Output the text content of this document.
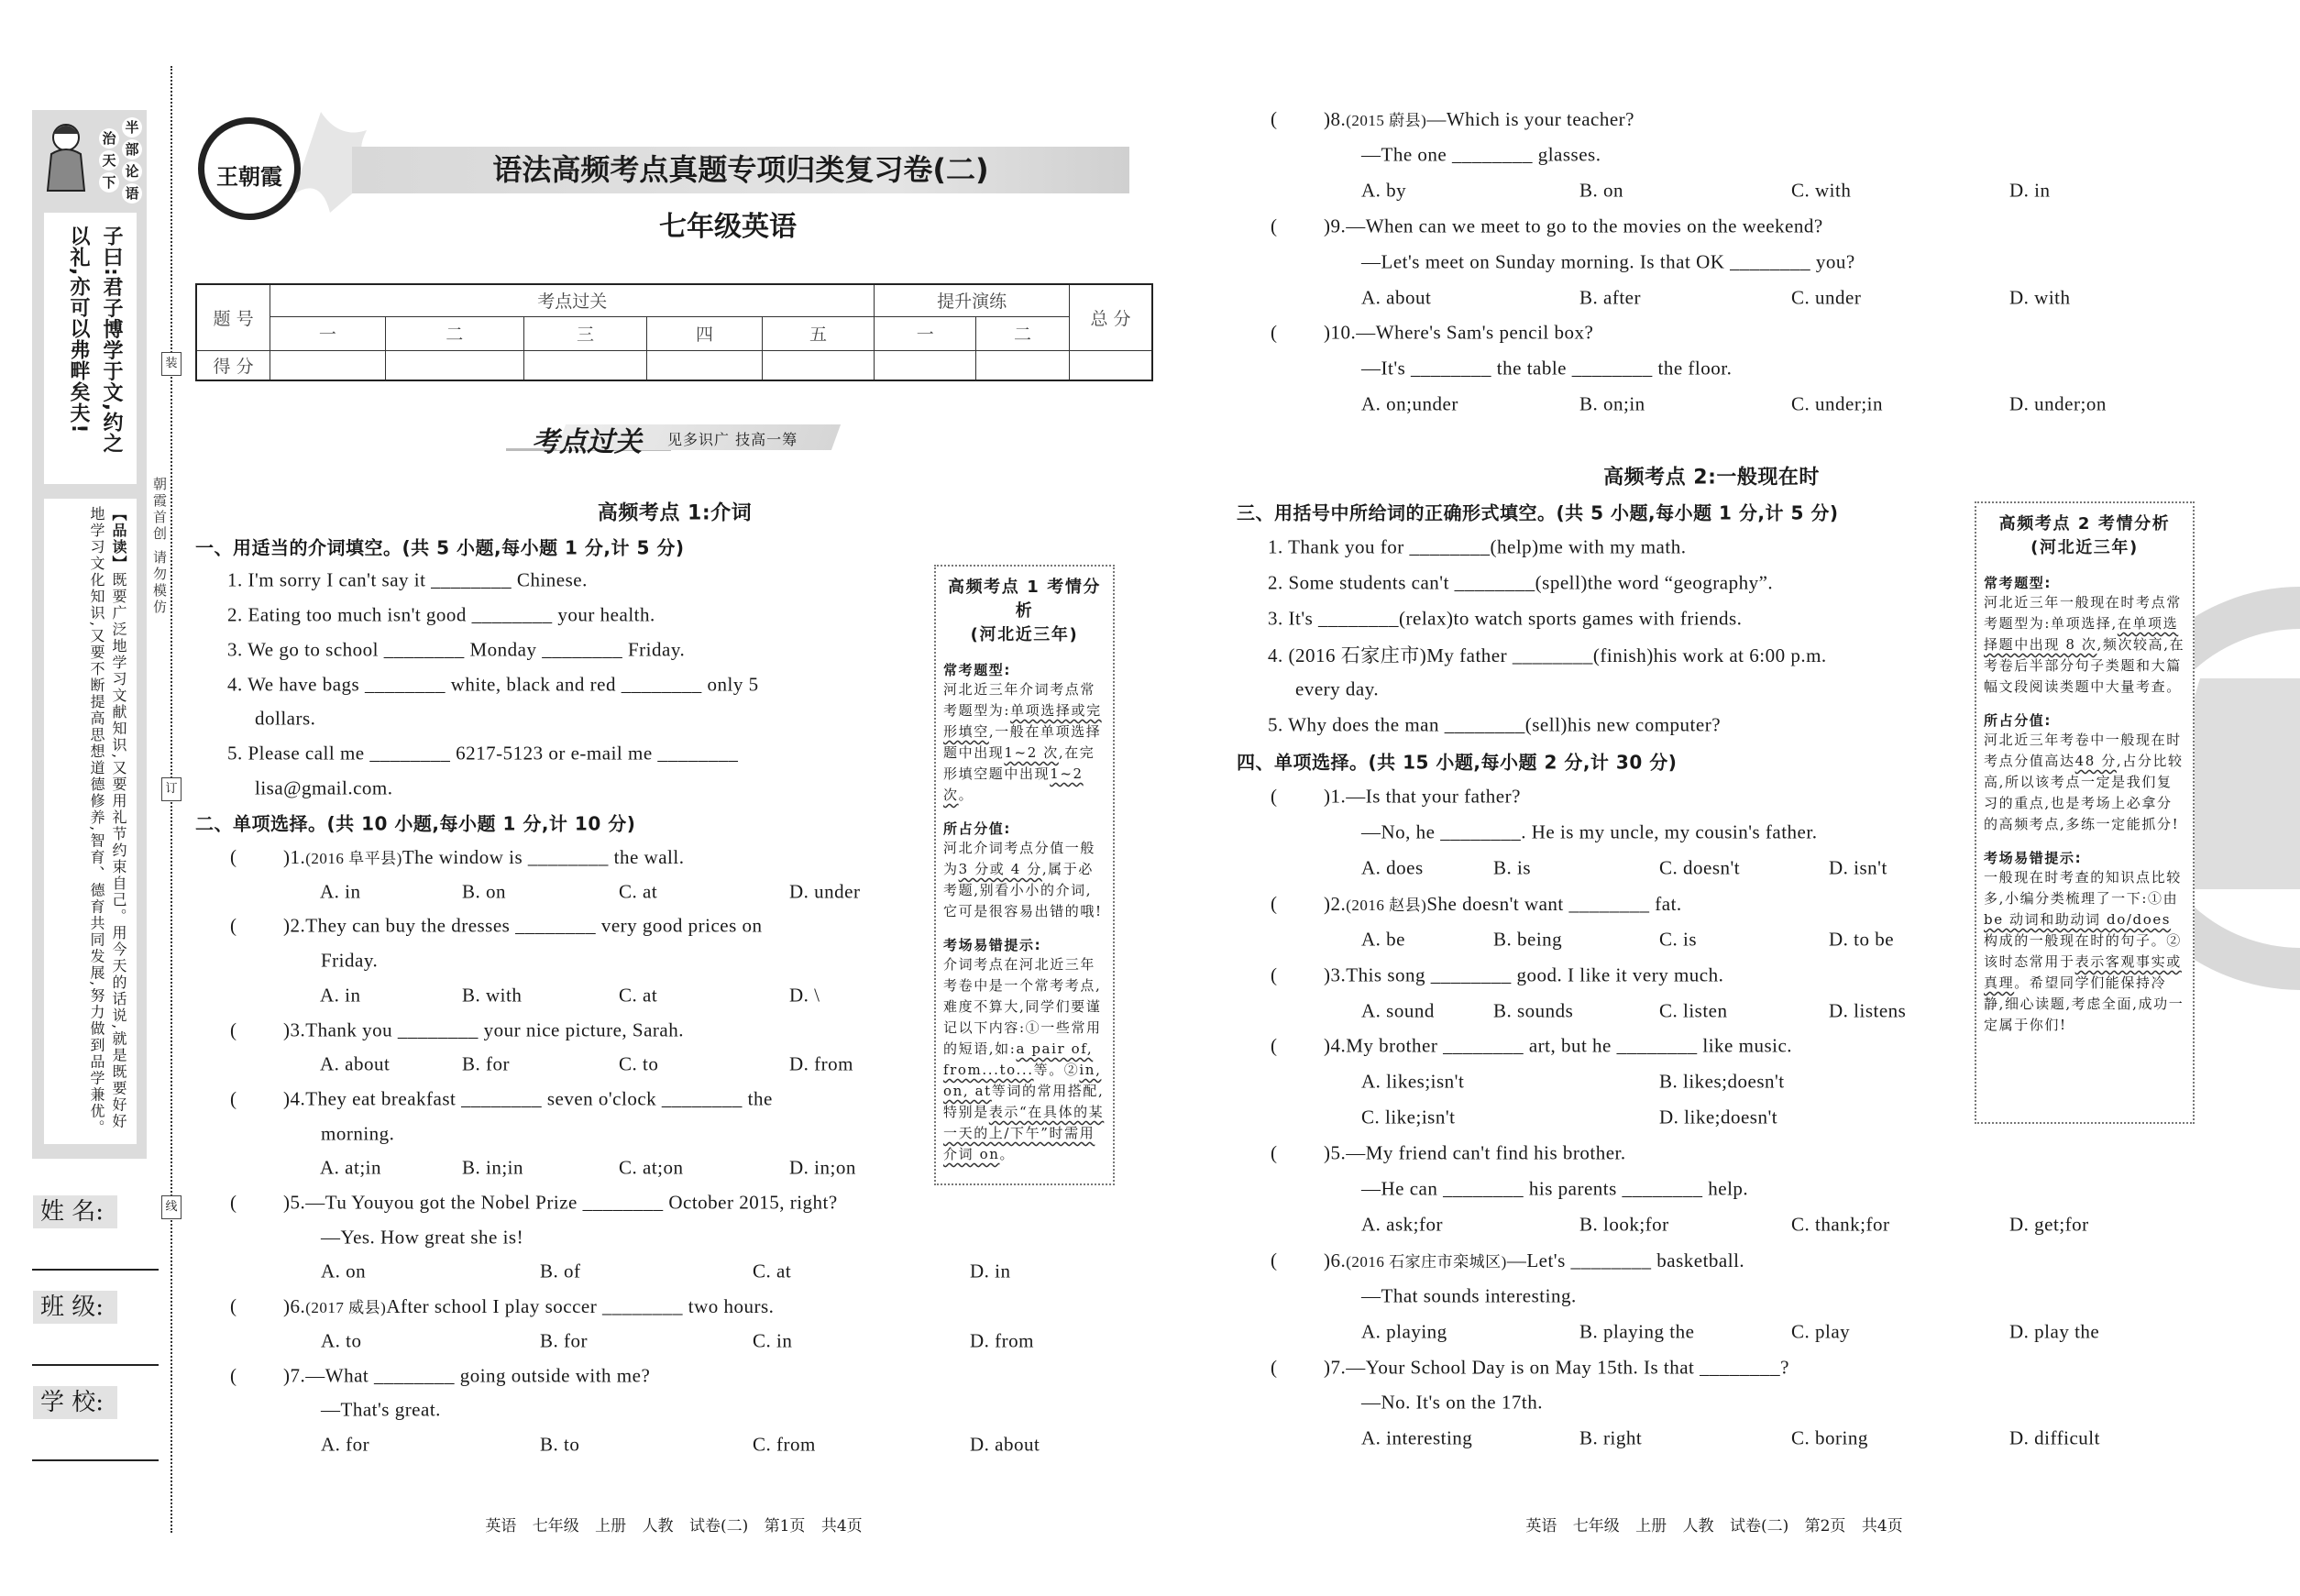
半
部
论
语
治
天
下
子曰:君子博学于文,约之以礼,亦可以弗畔矣夫!
【品读】既要广泛地学习文献知识,又要用礼节约束自己。用今天的话说,就是既要好好地学习文化知识,又要不断提高思想道德修养,智育、德育共同发展,努力做到品学兼优。
姓 名:
班 级:
学 校:
装
订
线
朝霞首创 请勿模仿
语法高频考点真题专项归类复习卷(二)
七年级英语
王朝霞
题 号	考点过关					提升演练		总 分
	一	二	三	四	五	一	二	
得 分								
考点过关 见多识广 技高一筹
高频考点 1:介词
一、用适当的介词填空。(共 5 小题,每小题 1 分,计 5 分)
1. I'm sorry I can't say it ________ Chinese.
2. Eating too much isn't good ________ your health.
3. We go to school ________ Monday ________ Friday.
4. We have bags ________ white, black and red ________ only 5
dollars.
5. Please call me ________ 6217-5123 or e-mail me ________
lisa@gmail.com.
二、单项选择。(共 10 小题,每小题 1 分,计 10 分)
(	)1.(2016 阜平县)The window is ________ the wall.
A. in	B. on	C. at	D. under
(	)2.They can buy the dresses ________ very good prices on
Friday.
A. in	B. with	C. at	D. \
(	)3.Thank you ________ your nice picture, Sarah.
A. about	B. for	C. to	D. from
(	)4.They eat breakfast ________ seven o'clock ________ the
morning.
A. at;in	B. in;in	C. at;on	D. in;on
(	)5.—Tu Youyou got the Nobel Prize ________ October 2015, right?
—Yes. How great she is!
A. on	B. of	C. at	D. in
(	)6.(2017 威县)After school I play soccer ________ two hours.
A. to	B. for	C. in	D. from
(	)7.—What ________ going outside with me?
—That's great.
A. for	B. to	C. from	D. about
(	)8.(2015 蔚县)—Which is your teacher?
—The one ________ glasses.
A. by	B. on	C. with	D. in
(	)9.—When can we meet to go to the movies on the weekend?
—Let's meet on Sunday morning. Is that OK ________ you?
A. about	B. after	C. under	D. with
(	)10.—Where's Sam's pencil box?
—It's ________ the table ________ the floor.
A. on;under	B. on;in	C. under;in	D. under;on
高频考点 2:一般现在时
三、用括号中所给词的正确形式填空。(共 5 小题,每小题 1 分,计 5 分)
1. Thank you for ________(help)me with my math.
2. Some students can't ________(spell)the word “geography”.
3. It's ________(relax)to watch sports games with friends.
4. (2016 石家庄市)My father ________(finish)his work at 6:00 p.m.
every day.
5. Why does the man ________(sell)his new computer?
四、单项选择。(共 15 小题,每小题 2 分,计 30 分)
(	)1.—Is that your father?
—No, he ________. He is my uncle, my cousin's father.
A. does	B. is	C. doesn't	D. isn't
(	)2.(2016 赵县)She doesn't want ________ fat.
A. be	B. being	C. is	D. to be
(	)3.This song ________ good. I like it very much.
A. sound	B. sounds	C. listen	D. listens
(	)4.My brother ________ art, but he ________ like music.
A. likes;isn't	B. likes;doesn't
C. like;isn't	D. like;doesn't
(	)5.—My friend can't find his brother.
—He can ________ his parents ________ help.
A. ask;for	B. look;for	C. thank;for	D. get;for
(	)6.(2016 石家庄市栾城区)—Let's ________ basketball.
—That sounds interesting.
A. playing	B. playing the	C. play	D. play the
(	)7.—Your School Day is on May 15th. Is that ________?
—No. It's on the 17th.
A. interesting	B. right	C. boring	D. difficult
高频考点 1 考情分析
(河北近三年)
常考题型:

河北近三年介词考点常考题型为:单项选择或完形填空,一般在单项选择题中出现1~2 次,在完形填空题中出现1~2 次。

所占分值:

河北介词考点分值一般为3 分或 4 分,属于必考题,别看小小的介词,它可是很容易出错的哦!

考场易错提示:

介词考点在河北近三年考卷中是一个常考考点,难度不算大,同学们要谨记以下内容:①一些常用的短语,如:a pair of, from...to...等。②in, on, at等词的常用搭配,特别是表示“在具体的某一天的上/下午”时需用介词 on。

高频考点 2 考情分析
(河北近三年)
常考题型:

河北近三年一般现在时考点常考题型为:单项选择,在单项选择题中出现 8 次,频次较高,在考卷后半部分句子类题和大篇幅文段阅读类题中大量考查。

所占分值:

河北近三年考卷中一般现在时考点分值高达48 分,占分比较高,所以该考点一定是我们复习的重点,也是考场上必拿分的高频考点,多练一定能抓分!

考场易错提示:

一般现在时考查的知识点比较多,小编分类梳理了一下:①由be 动词和助动词 do/does构成的一般现在时的句子。②该时态常用于表示客观事实或真理。希望同学们能保持冷静,细心读题,考虑全面,成功一定属于你们!

英语 七年级 上册 人教 试卷(二) 第1页 共4页	英语 七年级 上册 人教 试卷(二) 第2页 共4页
